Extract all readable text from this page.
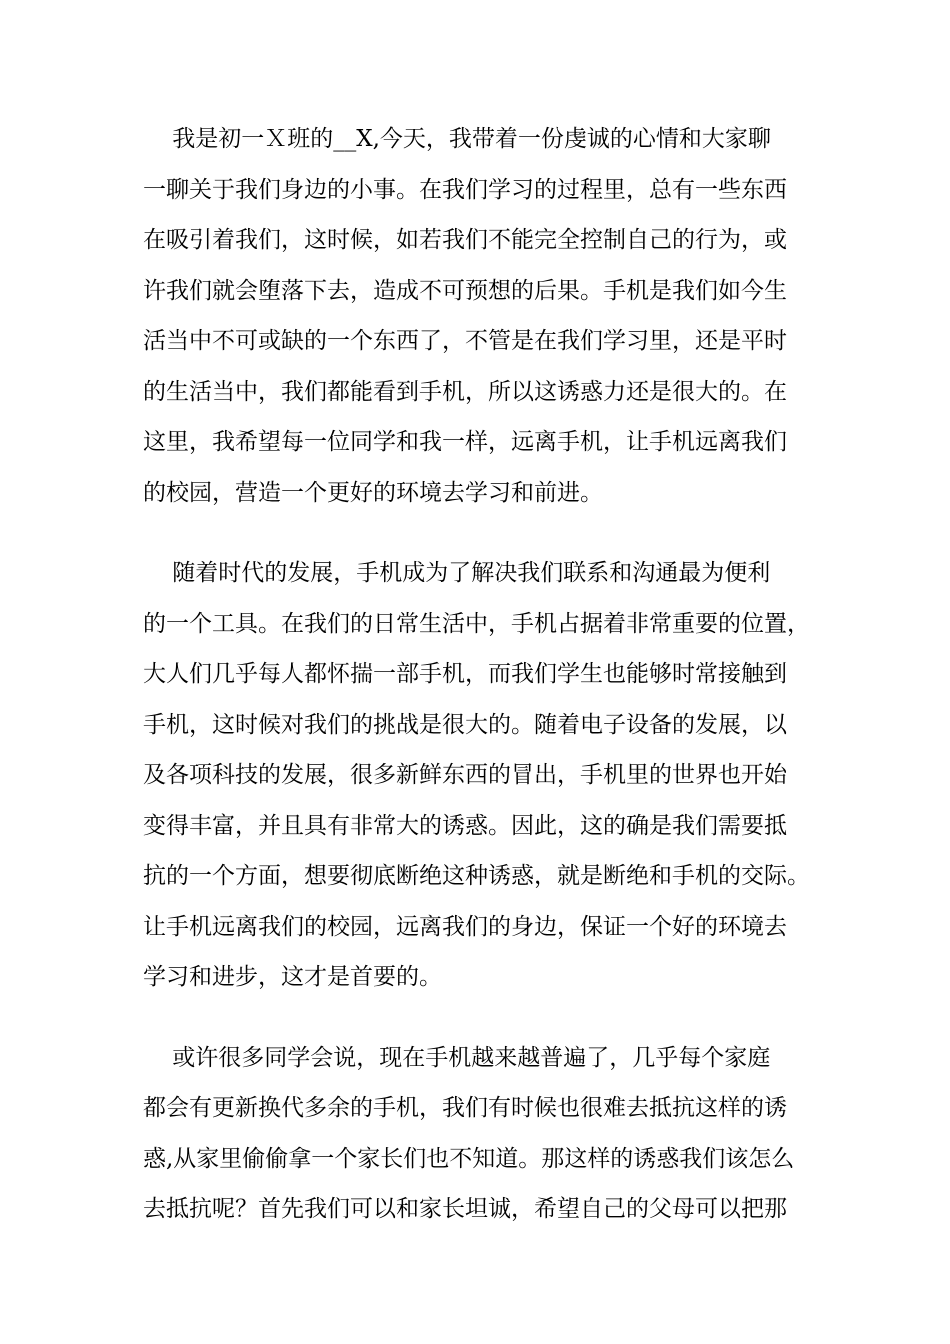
我是初一Ｘ班的__X,今天，我带着一份虔诚的心情和大家聊
一聊关于我们身边的小事。在我们学习的过程里，总有一些东西
在吸引着我们，这时候，如若我们不能完全控制自己的行为，或
许我们就会堕落下去，造成不可预想的后果。手机是我们如今生
活当中不可或缺的一个东西了，不管是在我们学习里，还是平时
的生活当中，我们都能看到手机，所以这诱惑力还是很大的。在
这里，我希望每一位同学和我一样，远离手机，让手机远离我们
的校园，营造一个更好的环境去学习和前进。

随着时代的发展，手机成为了解决我们联系和沟通最为便利
的一个工具。在我们的日常生活中，手机占据着非常重要的位置，
大人们几乎每人都怀揣一部手机，而我们学生也能够时常接触到
手机，这时候对我们的挑战是很大的。随着电子设备的发展，以
及各项科技的发展，很多新鲜东西的冒出，手机里的世界也开始
变得丰富，并且具有非常大的诱惑。因此，这的确是我们需要抵
抗的一个方面，想要彻底断绝这种诱惑，就是断绝和手机的交际。
让手机远离我们的校园，远离我们的身边，保证一个好的环境去
学习和进步，这才是首要的。

或许很多同学会说，现在手机越来越普遍了，几乎每个家庭
都会有更新换代多余的手机，我们有时候也很难去抵抗这样的诱
惑,从家里偷偷拿一个家长们也不知道。那这样的诱惑我们该怎么
去抵抗呢？首先我们可以和家长坦诚，希望自己的父母可以把那
